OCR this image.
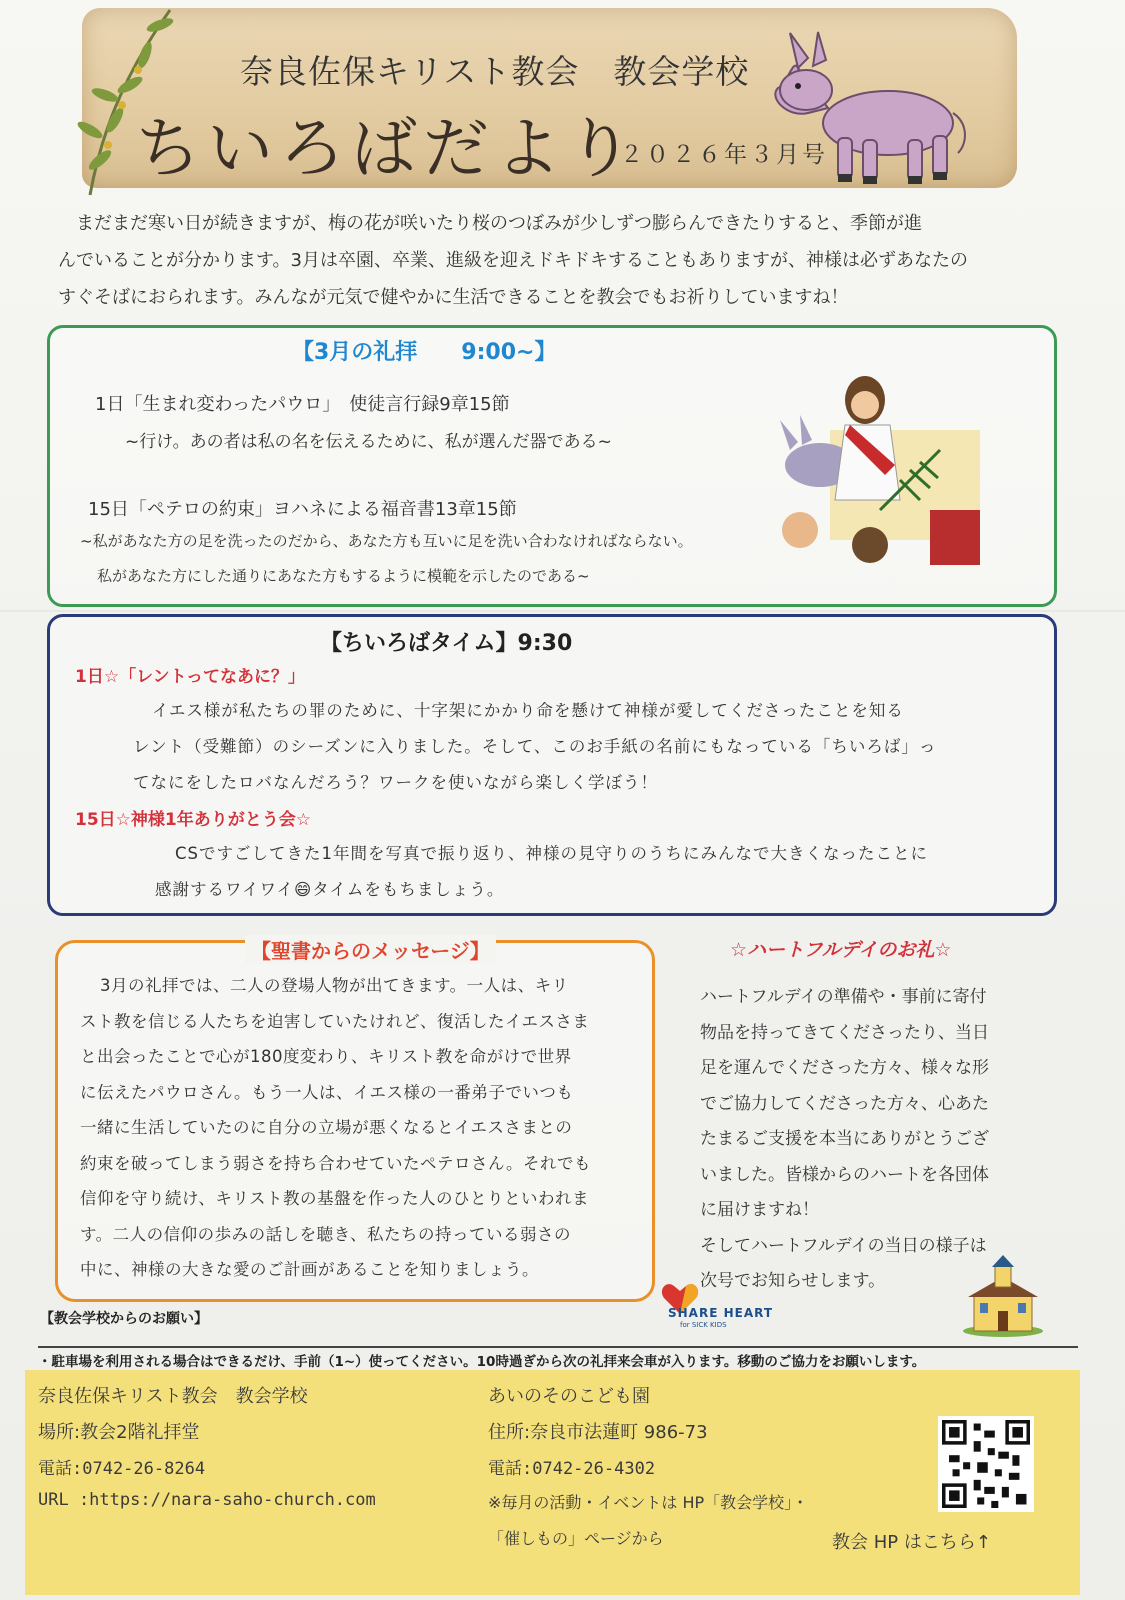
奈良佐保キリスト教会　教会学校
ちいろばだより
２０２６年３月号
まだまだ寒い日が続きますが、梅の花が咲いたり桜のつぼみが少しずつ膨らんできたりすると、季節が進
んでいることが分かります。3月は卒園、卒業、進級を迎えドキドキすることもありますが、神様は必ずあなたの
すぐそばにおられます。みんなが元気で健やかに生活できることを教会でもお祈りしていますね！
【3月の礼拝　　9:00~】
1日「生まれ変わったパウロ」　使徒言行録9章15節
~行け。あの者は私の名を伝えるために、私が選んだ器である~
15日「ペテロの約束」ヨハネによる福音書13章15節
~私があなた方の足を洗ったのだから、あなた方も互いに足を洗い合わなければならない。
私があなた方にした通りにあなた方もするように模範を示したのである~
【ちいろばタイム】9:30
1日☆「レントってなあに？」
イエス様が私たちの罪のために、十字架にかかり命を懸けて神様が愛してくださったことを知る
レント（受難節）のシーズンに入りました。そして、このお手紙の名前にもなっている「ちいろば」っ
てなにをしたロバなんだろう？ワークを使いながら楽しく学ぼう！
15日☆神様1年ありがとう会☆
CSですごしてきた1年間を写真で振り返り、神様の見守りのうちにみんなで大きくなったことに
感謝するワイワイ😄タイムをもちましょう。
【聖書からのメッセージ】
3月の礼拝では、二人の登場人物が出てきます。一人は、キリ
スト教を信じる人たちを迫害していたけれど、復活したイエスさま
と出会ったことで心が180度変わり、キリスト教を命がけで世界
に伝えたパウロさん。もう一人は、イエス様の一番弟子でいつも
一緒に生活していたのに自分の立場が悪くなるとイエスさまとの
約束を破ってしまう弱さを持ち合わせていたペテロさん。それでも
信仰を守り続け、キリスト教の基盤を作った人のひとりといわれま
す。二人の信仰の歩みの話しを聴き、私たちの持っている弱さの
中に、神様の大きな愛のご計画があることを知りましょう。
☆ハートフルデイのお礼☆
ハートフルデイの準備や・事前に寄付
物品を持ってきてくださったり、当日
足を運んでくださった方々、様々な形
でご協力してくださった方々、心あた
たまるご支援を本当にありがとうござ
いました。皆様からのハートを各団体
に届けますね！
そしてハートフルデイの当日の様子は
次号でお知らせします。
SHARE HEART
for SICK KIDS
【教会学校からのお願い】
・駐車場を利用される場合はできるだけ、手前（1~）使ってください。10時過ぎから次の礼拝来会車が入ります。移動のご協力をお願いします。
奈良佐保キリスト教会　教会学校
場所:教会2階礼拝堂
電話:0742-26-8264
URL :https://nara-saho-church.com
あいのそのこども園
住所:奈良市法蓮町 986-73
電話:0742-26-4302
※毎月の活動・イベントは HP「教会学校」・
「催しもの」ページから	教会 HP はこちら↑
